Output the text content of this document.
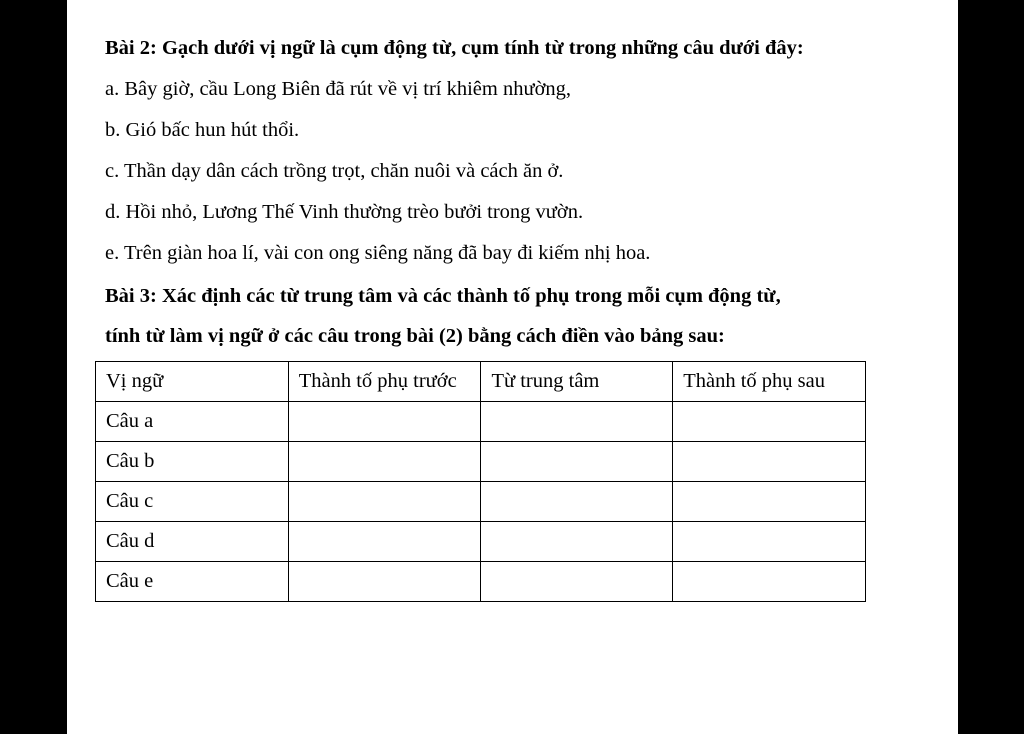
Bài 2: Gạch dưới vị ngữ là cụm động từ, cụm tính từ trong những câu dưới đây:
a. Bây giờ, cầu Long Biên đã rút về vị trí khiêm nhường,
b. Gió bấc hun hút thổi.
c. Thần dạy dân cách trồng trọt, chăn nuôi và cách ăn ở.
d. Hồi nhỏ, Lương Thế Vinh thường trèo bưởi trong vườn.
e. Trên giàn hoa lí, vài con ong siêng năng đã bay đi kiếm nhị hoa.
Bài 3: Xác định các từ trung tâm và các thành tố phụ trong mỗi cụm động từ,
tính từ làm vị ngữ ở các câu trong bài (2) bằng cách điền vào bảng sau:
Vị ngữ	Thành tố phụ trước	Từ trung tâm	Thành tố phụ sau
Câu a			
Câu b			
Câu c			
Câu d			
Câu e			
